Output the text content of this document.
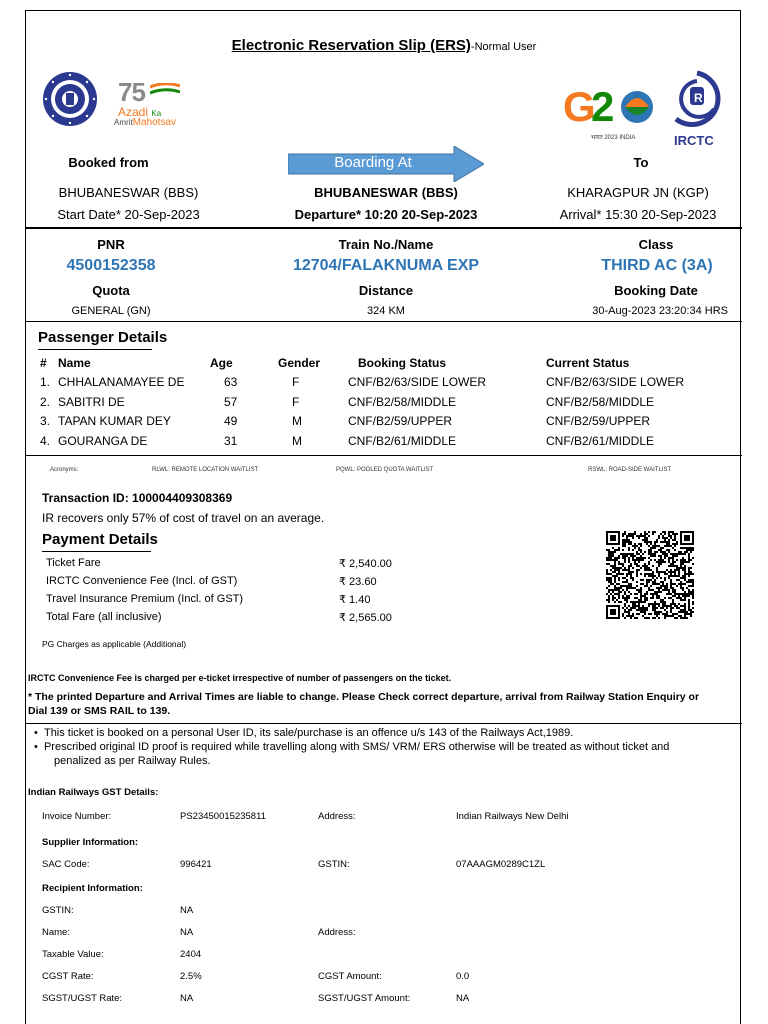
Electronic Reservation Slip (ERS)-Normal User
75
Azadi Ka
AmritMahotsav	G
2
भारत 2023 INDIA
R
IRCTC
Booked from	Boarding At	To
BHUBANESWAR (BBS)	BHUBANESWAR (BBS)	KHARAGPUR JN (KGP)
Start Date* 20-Sep-2023	Departure* 10:20 20-Sep-2023	Arrival* 15:30 20-Sep-2023
PNR	Train No./Name	Class
4500152358	12704/FALAKNUMA EXP	THIRD AC (3A)
Quota	Distance	Booking Date
GENERAL (GN)	324 KM	30-Aug-2023 23:20:34 HRS
Passenger Details
#	Name	Age	Gender	Booking Status	Current Status
1.	CHHALANAMAYEE DE	63	F	CNF/B2/63/SIDE LOWER	CNF/B2/63/SIDE LOWER
2.	SABITRI DE	57	F	CNF/B2/58/MIDDLE	CNF/B2/58/MIDDLE
3.	TAPAN KUMAR DEY	49	M	CNF/B2/59/UPPER	CNF/B2/59/UPPER
4.	GOURANGA DE	31	M	CNF/B2/61/MIDDLE	CNF/B2/61/MIDDLE
Acronyms:	RLWL: REMOTE LOCATION WAITLIST	PQWL: POOLED QUOTA WAITLIST	RSWL: ROAD-SIDE WAITLIST
Transaction ID: 100004409308369
IR recovers only 57% of cost of travel on an average.
Payment Details
Ticket Fare	₹ 2,540.00
IRCTC Convenience Fee (Incl. of GST)	₹ 23.60
Travel Insurance Premium (Incl. of GST)	₹ 1.40
Total Fare (all inclusive)	₹ 2,565.00
PG Charges as applicable (Additional)
IRCTC Convenience Fee is charged per e-ticket irrespective of number of passengers on the ticket.
* The printed Departure and Arrival Times are liable to change. Please Check correct departure, arrival from Railway Station Enquiry or
Dial 139 or SMS RAIL to 139.
•  This ticket is booked on a personal User ID, its sale/purchase is an offence u/s 143 of the Railways Act,1989.
•  Prescribed original ID proof is required while travelling along with SMS/ VRM/ ERS otherwise will be treated as without ticket and
penalized as per Railway Rules.
Indian Railways GST Details:
Invoice Number:	PS23450015235811	Address:	Indian Railways New Delhi
Supplier Information:
SAC Code:	996421	GSTIN:	07AAAGM0289C1ZL
Recipient Information:
GSTIN:	NA
Name:	NA	Address:
Taxable Value:	2404
CGST Rate:	2.5%	CGST Amount:	0.0
SGST/UGST Rate:	NA	SGST/UGST Amount:	NA
